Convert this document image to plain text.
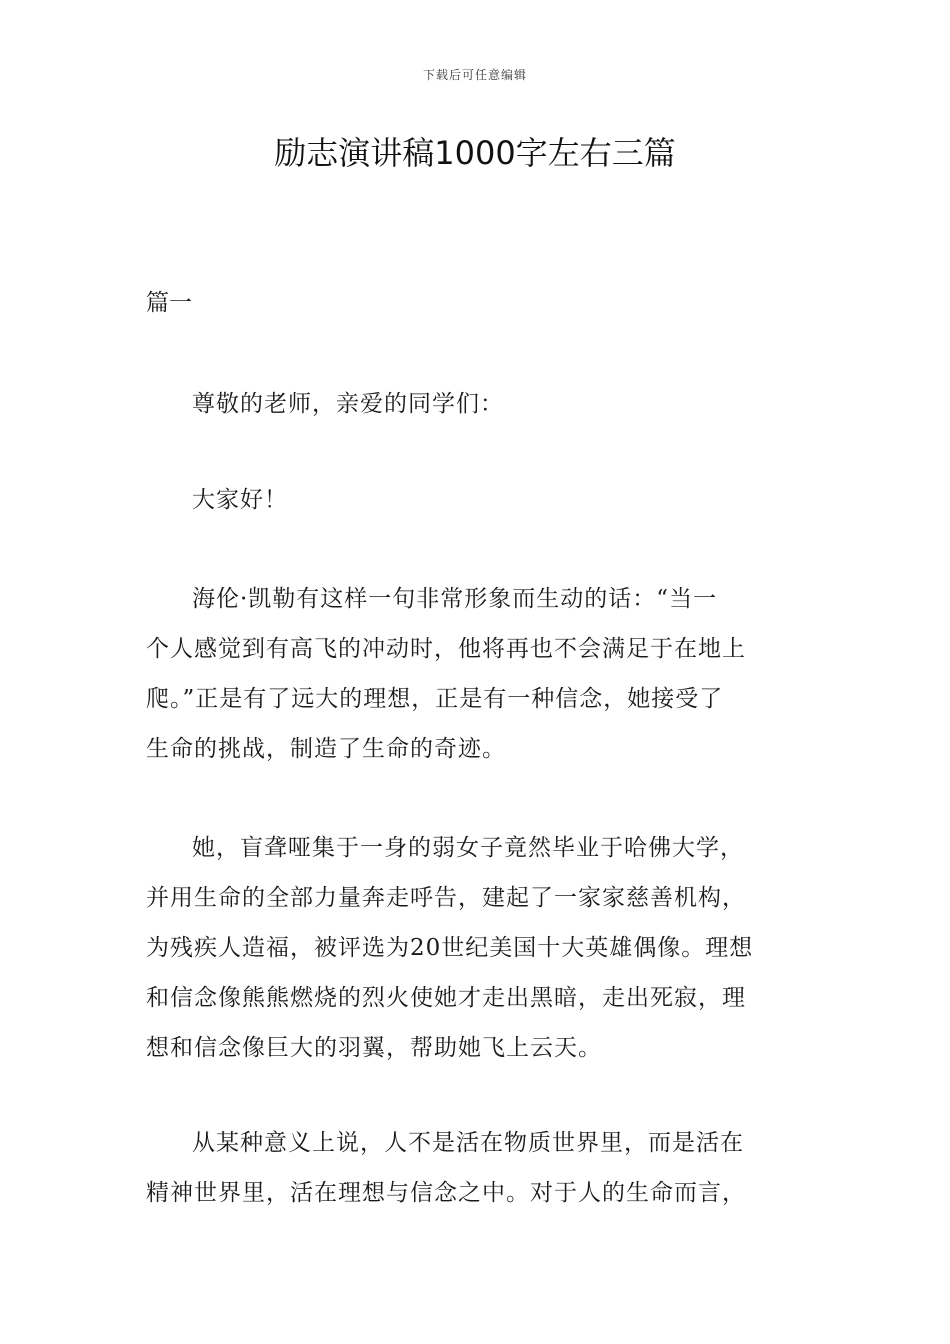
下载后可任意编辑
励志演讲稿1000字左右三篇

篇一

尊敬的老师，亲爱的同学们：

大家好！

海伦·凯勒有这样一句非常形象而生动的话：“当一
个人感觉到有高飞的冲动时，他将再也不会满足于在地上
爬。”正是有了远大的理想，正是有一种信念，她接受了
生命的挑战，制造了生命的奇迹。

她，盲聋哑集于一身的弱女子竟然毕业于哈佛大学，
并用生命的全部力量奔走呼告，建起了一家家慈善机构，
为残疾人造福，被评选为20世纪美国十大英雄偶像。理想
和信念像熊熊燃烧的烈火使她才走出黑暗，走出死寂，理
想和信念像巨大的羽翼，帮助她飞上云天。

从某种意义上说，人不是活在物质世界里，而是活在
精神世界里，活在理想与信念之中。对于人的生命而言，
